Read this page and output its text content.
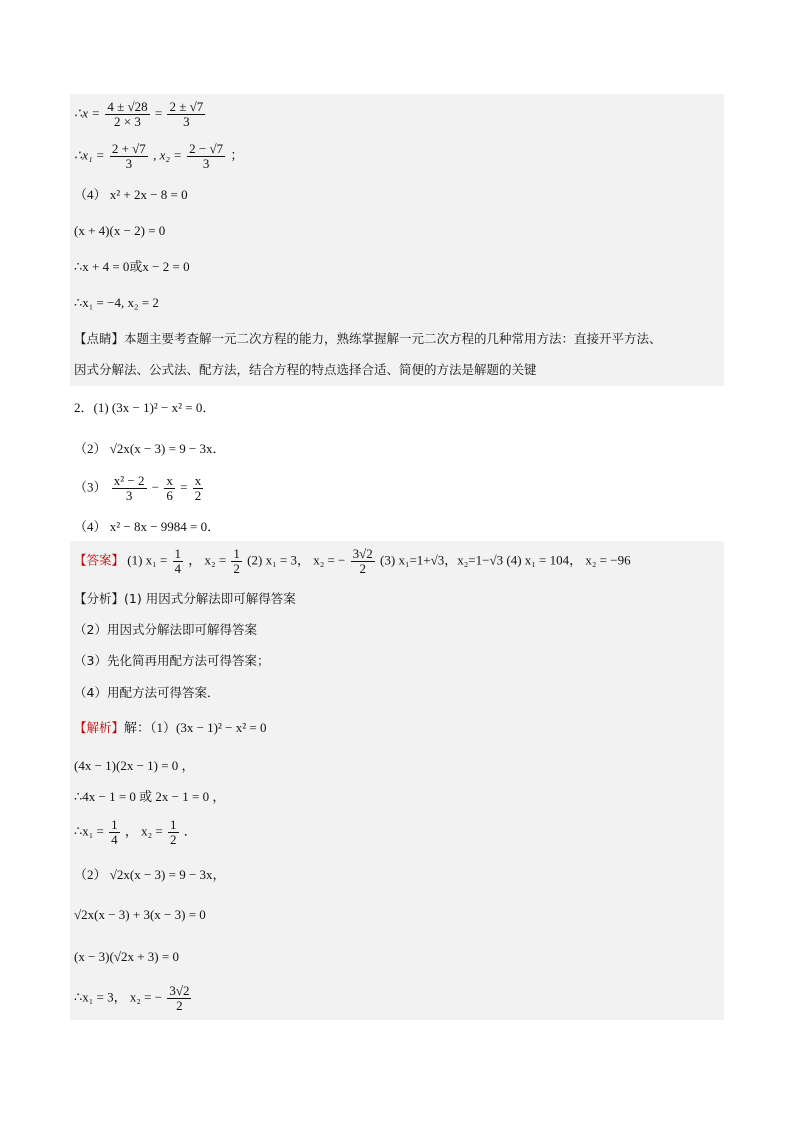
∴x = $\frac{4 \pm √28}{2 \times 3} = \frac{2 \pm √7}{3}$
∴x₁ = $\frac{2 + √7}{3}$ , $x_2 = \frac{2 - √7}{3}$ ；
（4） x² + 2x − 8 = 0
(x + 4)(x − 2) = 0
∴x + 4 = 0或x − 2 = 0
∴x₁ = −4, x₂ = 2
【点睛】本题主要考查解一元二次方程的能力，熟练掌握解一元二次方程的几种常用方法：直接开平方法、
因式分解法、公式法、配方法，结合方程的特点选择合适、简便的方法是解题的关键
2．(1) (3x − 1)² − x² = 0．
（2） √2x(x − 3) = 9 − 3x．
$(3) \frac{\text{x² − 2}}{3} - \frac{x}{6} = \frac{x}{2}$
（4） x² − 8x − 9984 = 0．
【答案】 (1) $x_1 = \frac{1}{4}$ ， $x_2 = \frac{1}{2} (2) x_1 = 3$， x₂ = − $\frac{3√2}{2} (3)$ x₁=1+√3，x₂=1−√3 (4) x₁ = 104， x₂ = −96
【分析】(1) 用因式分解法即可解得答案
（2）用因式分解法即可解得答案
（3）先化简再用配方法可得答案；
（4）用配方法可得答案．
【解析】解：（1）(3x − 1)² − x² = 0
(4x − 1)(2x − 1) = 0 ，
∴4x − 1 = 0 或 2x − 1 = 0 ，
∴x₁ = $\frac{1}{4}$ ， $x_2 = \frac{1}{2}$ ．
（2） √2x(x − 3) = 9 − 3x，
√2x(x − 3) + 3(x − 3) = 0
(x − 3)(√2x + 3) = 0
∴x₁ = 3， x₂ = − $\frac{3√2}{2}$
